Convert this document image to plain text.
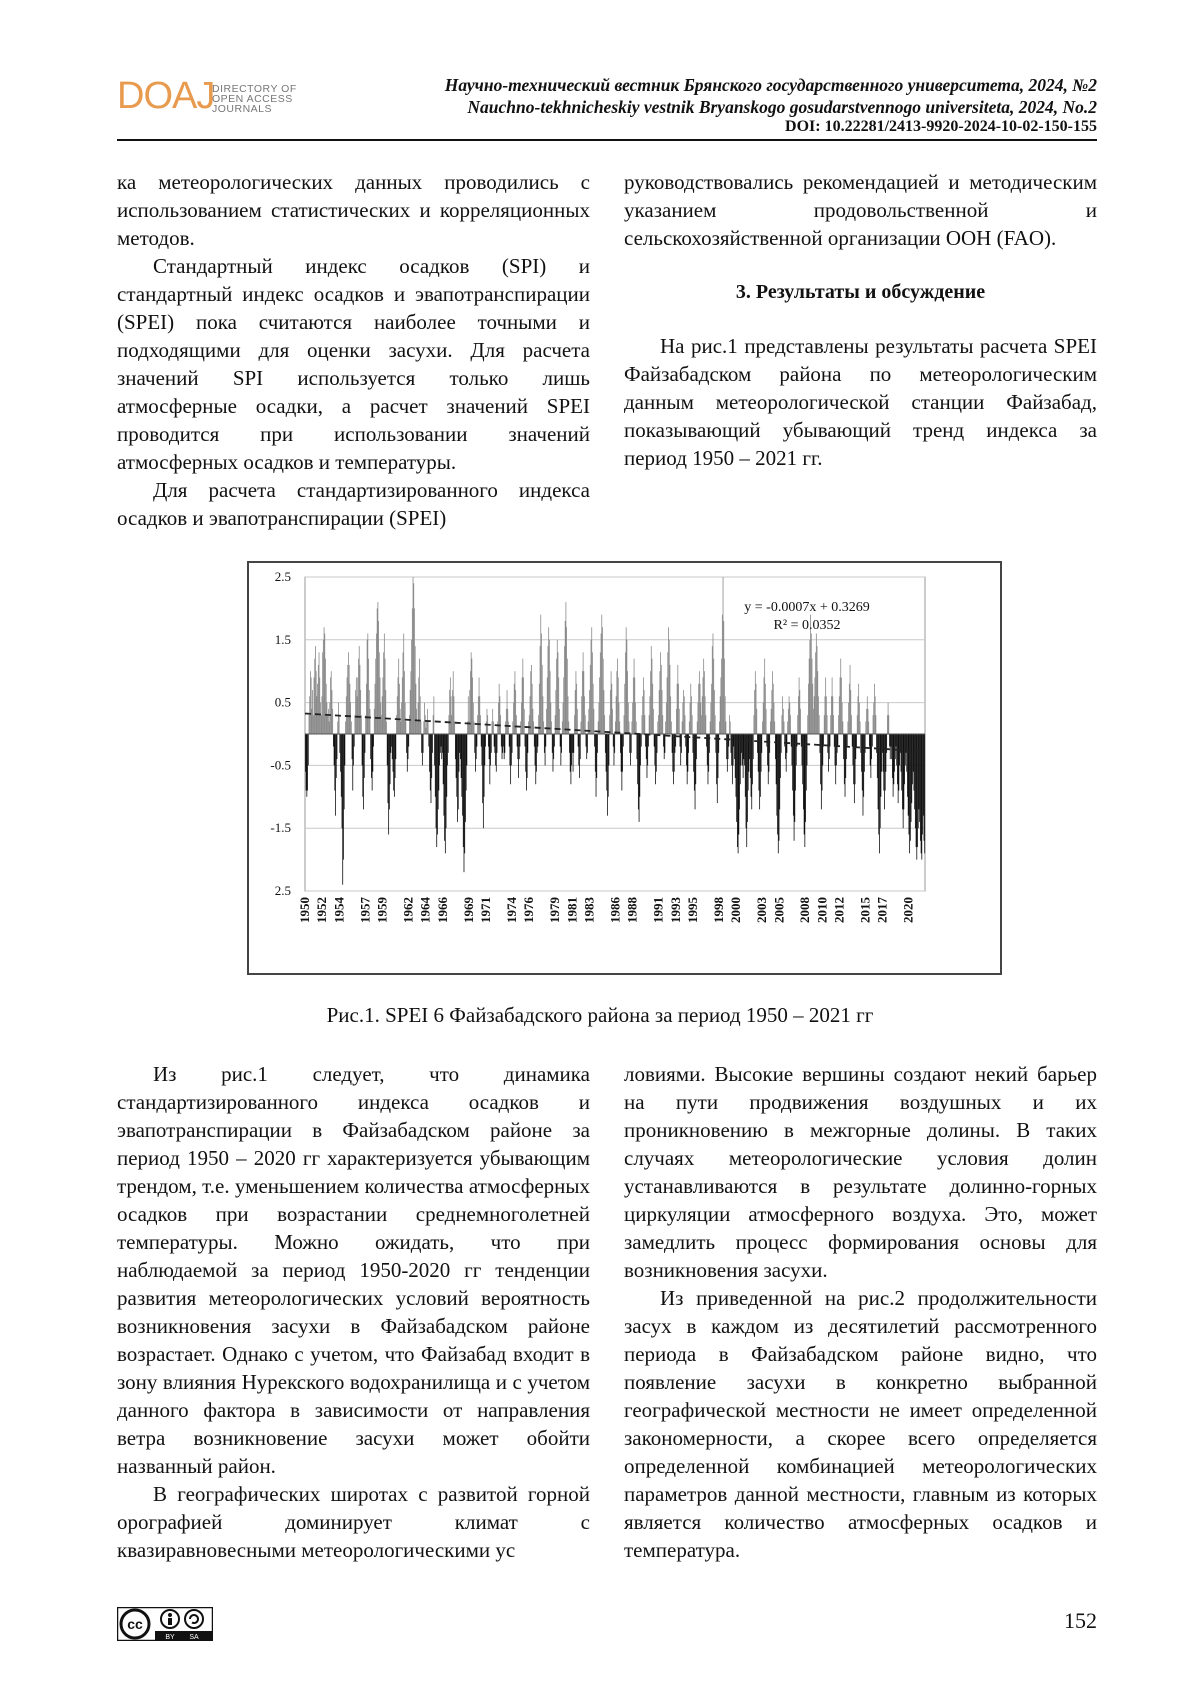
DOAJ
DIRECTORY OF
OPEN ACCESS
JOURNALS
Научно-технический вестник Брянского государственного университета, 2024, №2
Nauchno-tekhnicheskiy vestnik Bryanskogo gosudarstvennogo universiteta, 2024, No.2
DOI: 10.22281/2413-9920-2024-10-02-150-155

ка метеорологических данных проводились с использованием статистических и корреляционных методов.

Стандартный индекс осадков (SPI) и стандартный индекс осадков и эвапотранспирации (SPEI) пока считаются наиболее точными и подходящими для оценки засухи. Для расчета значений SPI используется только лишь атмосферные осадки, а расчет значений SPEI проводится при использовании значений атмосферных осадков и температуры.

Для расчета стандартизированного индекса осадков и эвапотранспирации (SPEI)

руководствовались рекомендацией и методическим указанием продовольственной и сельскохозяйственной организации ООН (FAO).

3. Результаты и обсуждение

На рис.1 представлены результаты расчета SPEI Файзабадском района по метеорологическим данным метеорологической станции Файзабад, показывающий убывающий тренд индекса за период 1950 – 2021 гг.

2.5
1.5
0.5
-0.5
-1.5
2.5
y = -0.0007x + 0.3269
R² = 0.0352
1950 1952 1954 1957 1959 1962 1964 1966 1969 1971 1974 1976 1979 1981 1983 1986 1988 1991 1993 1995 1998 2000 2003 2005 2008 2010 2012 2015 2017 2020
Рис.1. SPEI 6 Файзабадского района за период 1950 – 2021 гг

Из рис.1 следует, что динамика стандартизированного индекса осадков и эвапотранспирации в Файзабадском районе за период 1950 – 2020 гг характеризуется убывающим трендом, т.е. уменьшением количества атмосферных осадков при возрастании среднемноголетней температуры. Можно ожидать, что при наблюдаемой за период 1950-2020 гг тенденции развития метеорологических условий вероятность возникновения засухи в Файзабадском районе возрастает. Однако с учетом, что Файзабад входит в зону влияния Нурекского водохранилища и с учетом данного фактора в зависимости от направления ветра возникновение засухи может обойти названный район.

В географических широтах с развитой горной орографией доминирует климат с квазиравновесными метеорологическими ус

ловиями. Высокие вершины создают некий барьер на пути продвижения воздушных и их проникновению в межгорные долины. В таких случаях метеорологические условия долин устанавливаются в результате долинно-горных циркуляции атмосферного воздуха. Это, может замедлить процесс формирования основы для возникновения засухи.

Из приведенной на рис.2 продолжительности засух в каждом из десятилетий рассмотренного периода в Файзабадском районе видно, что появление засухи в конкретно выбранной географической местности не имеет определенной закономерности, а скорее всего определяется определенной комбинацией метеорологических параметров данной местности, главным из которых является количество атмосферных осадков и температура.

cc
BY SA
152
